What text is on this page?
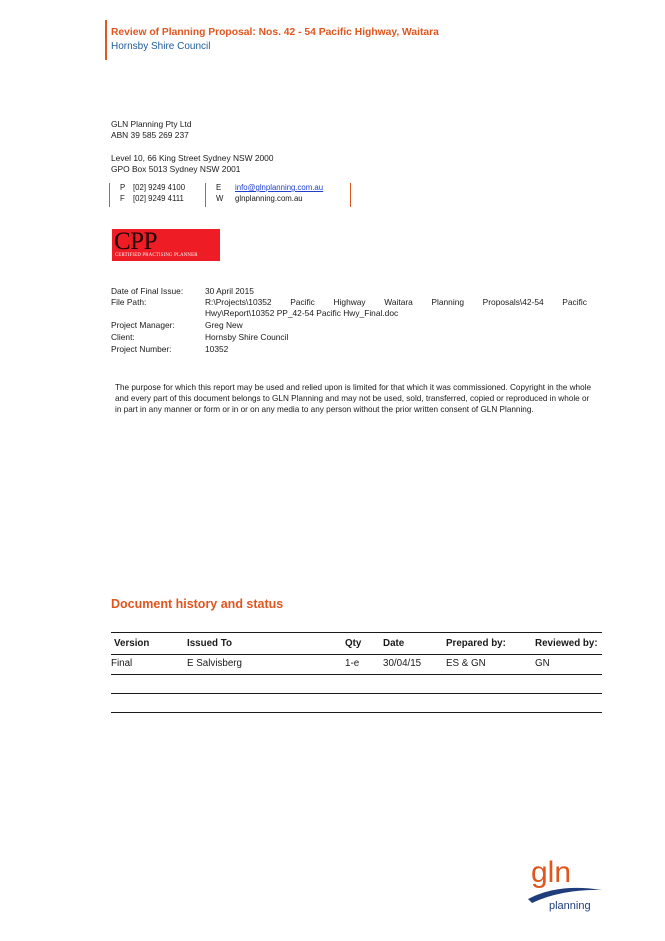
Review of Planning Proposal: Nos. 42 - 54 Pacific Highway, Waitara
Hornsby Shire Council
GLN Planning Pty Ltd
ABN 39 585 269 237
Level 10, 66 King Street Sydney NSW 2000
GPO Box 5013 Sydney NSW 2001
P [02] 9249 4100
F [02] 9249 4111
E info@glnplanning.com.au
W glnplanning.com.au
CPP
CERTIFIED PRACTISING PLANNER
Date of Final Issue:	30 April 2015
File Path:	R:\Projects\10352 Pacific Highway Waitara Planning Proposals\42-54 Pacific
Hwy\Report\10352 PP_42-54 Pacific Hwy_Final.doc
Project Manager:	Greg New
Client:	Hornsby Shire Council
Project Number:	10352
The purpose for which this report may be used and relied upon is limited for that which it was commissioned. Copyright in the whole and every part of this document belongs to GLN Planning and may not be used, sold, transferred, copied or reproduced in whole or in part in any manner or form or in or on any media to any person without the prior written consent of GLN Planning.
Document history and status
Version	Issued To	Qty Date	Prepared by:	Reviewed by:
Final	E Salvisberg	1-e 30/04/15	ES & GN	GN
gln
planning
